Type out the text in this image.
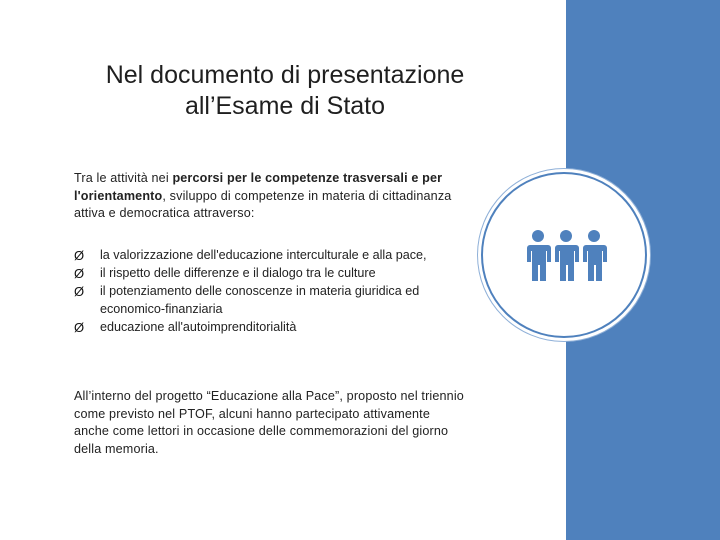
Nel documento di presentazione
all’Esame di Stato
Tra le attività nei percorsi per le competenze trasversali e per l'orientamento, sviluppo di competenze in materia di cittadinanza attiva e democratica attraverso:
Ø la valorizzazione dell'educazione interculturale e alla pace,
Ø il rispetto delle differenze e il dialogo tra le culture
Ø il potenziamento delle conoscenze in materia giuridica ed economico-finanziaria
Ø educazione all'autoimprenditorialità
All’interno del progetto “Educazione alla Pace”, proposto nel triennio come previsto nel PTOF, alcuni hanno partecipato attivamente anche come lettori in occasione delle commemorazioni del giorno della memoria.
